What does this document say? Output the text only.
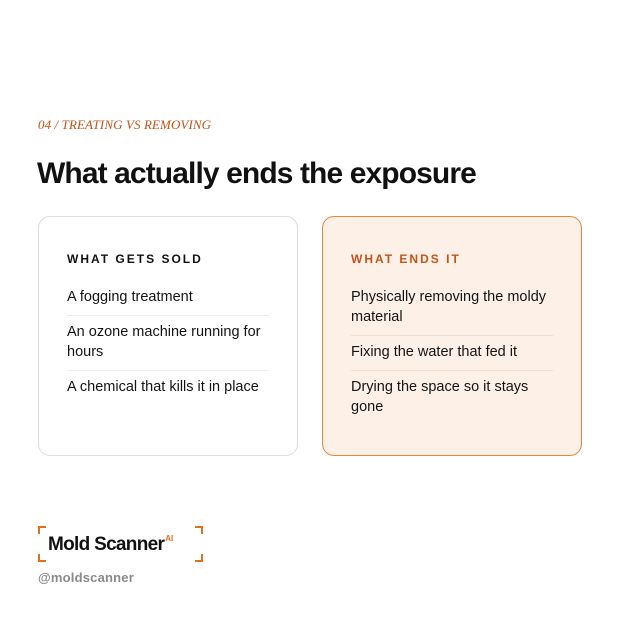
04 / TREATING VS REMOVING
What actually ends the exposure
WHAT GETS SOLD
A fogging treatment
An ozone machine running for hours
A chemical that kills it in place
WHAT ENDS IT
Physically removing the moldy material
Fixing the water that fed it
Drying the space so it stays gone
Mold Scanner$^{AI}$
@moldscanner
